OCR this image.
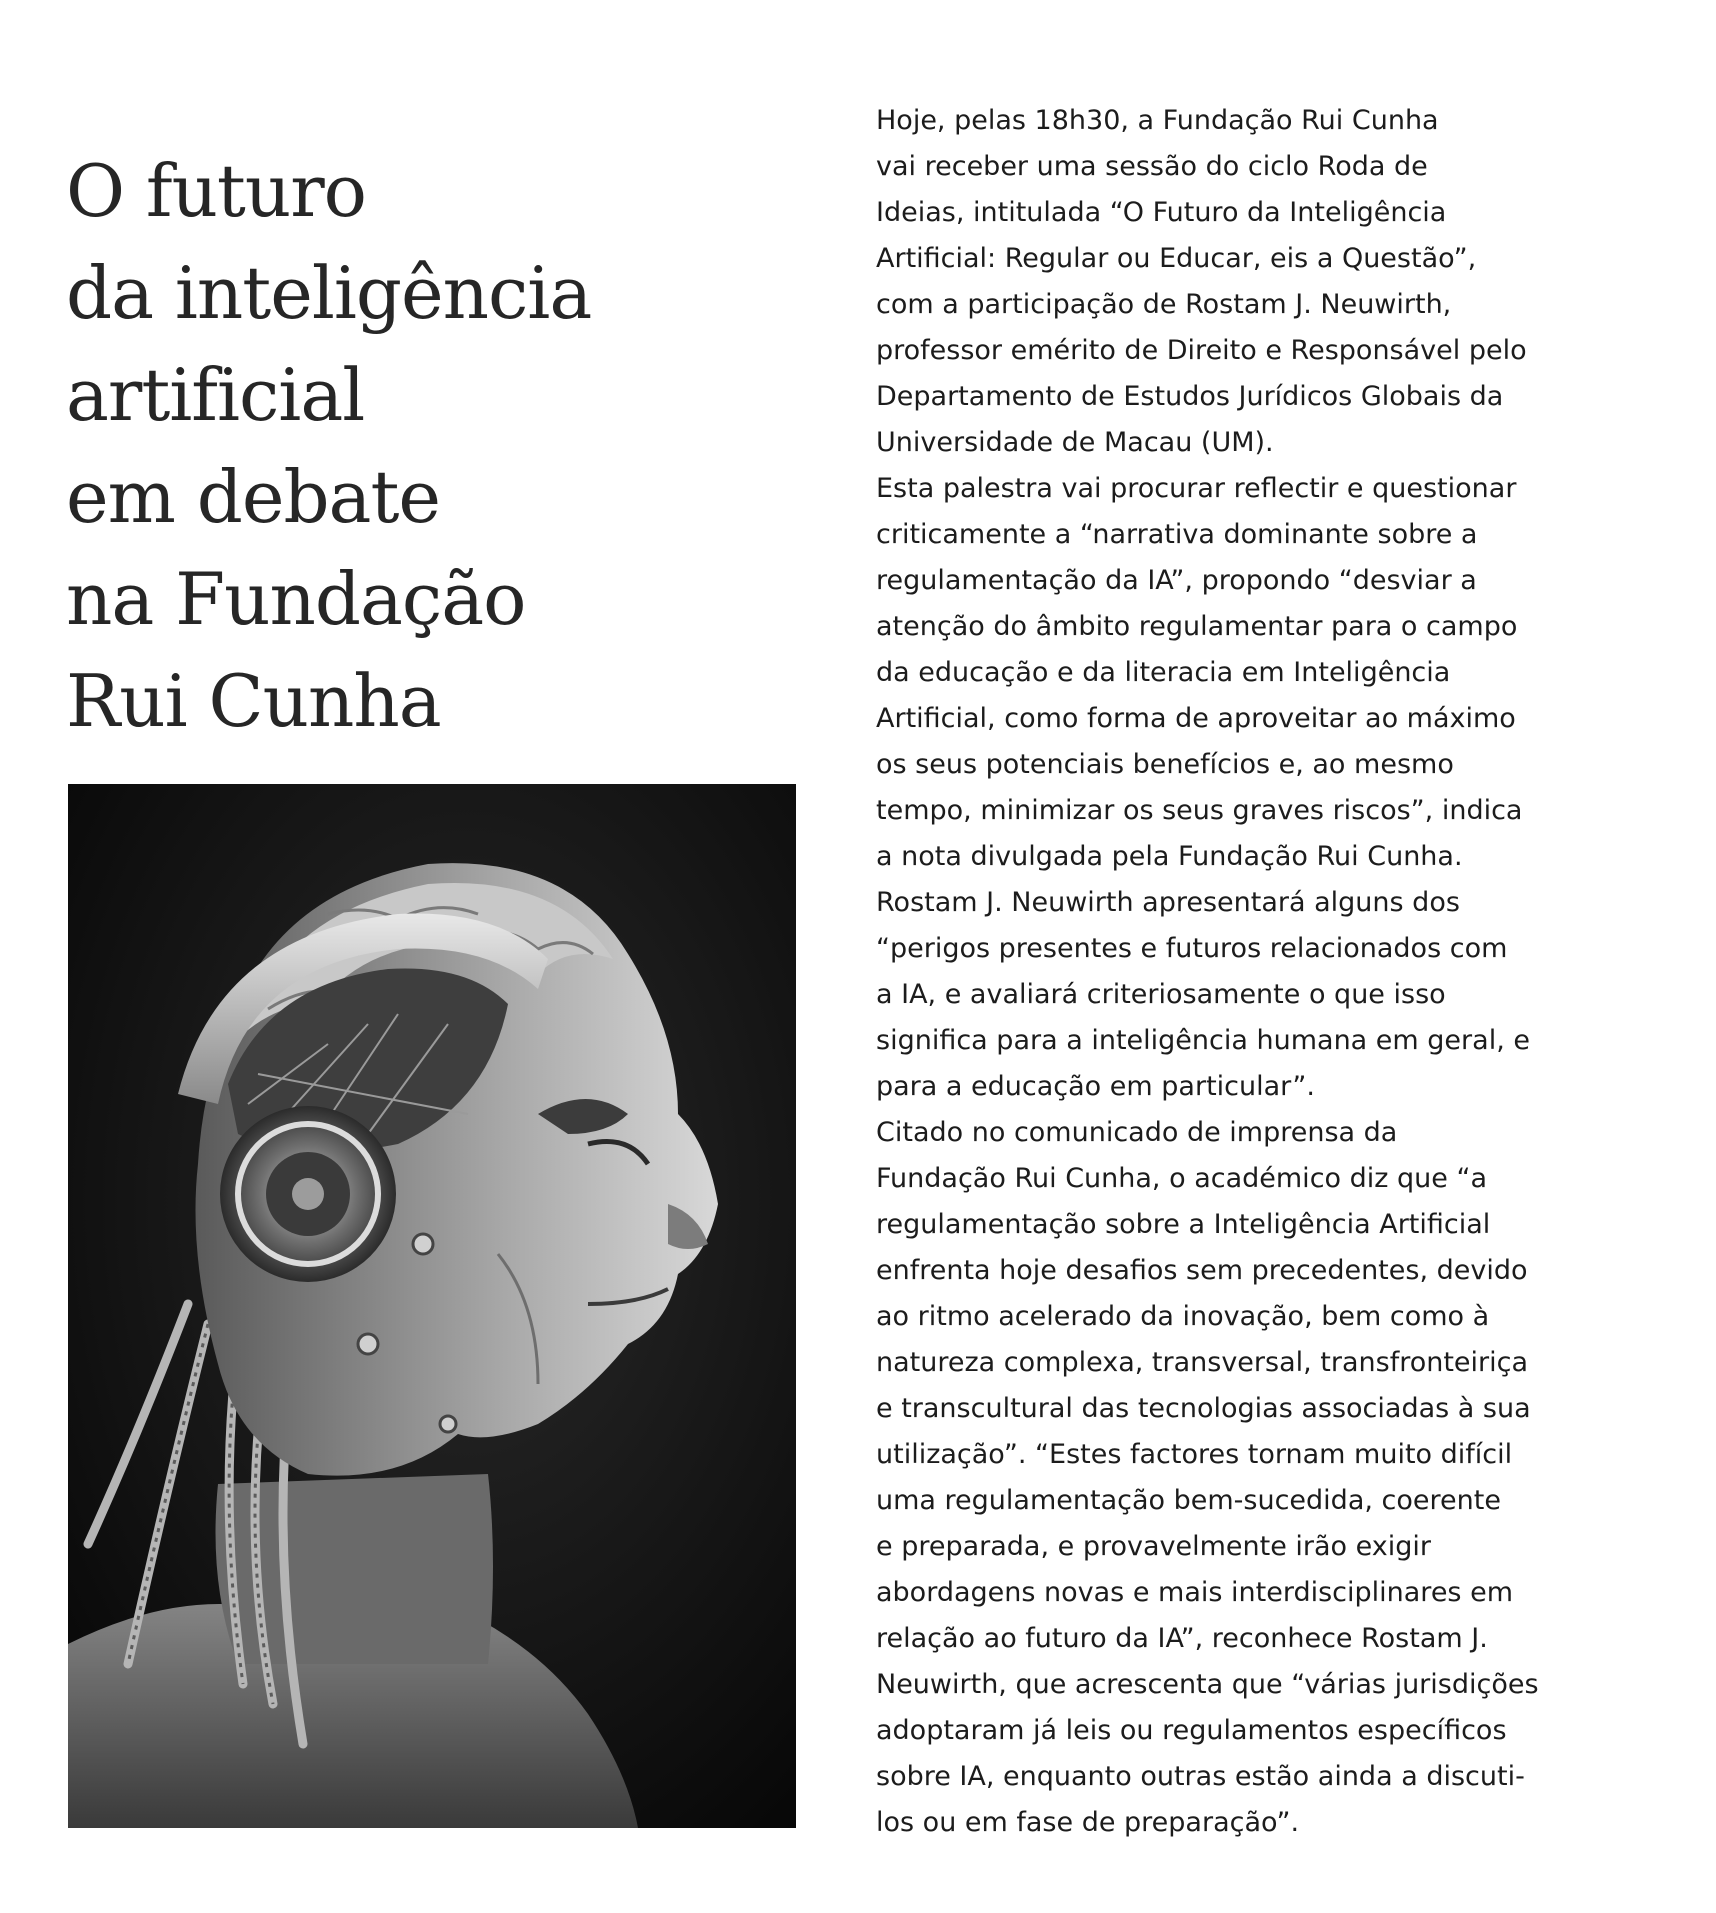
O futuro
da inteligência
artificial
em debate
na Fundação
Rui Cunha

Hoje, pelas 18h30, a Fundação Rui Cunha

vai receber uma sessão do ciclo Roda de

Ideias, intitulada “O Futuro da Inteligência

Artificial: Regular ou Educar, eis a Questão”,

com a participação de Rostam J. Neuwirth,

professor emérito de Direito e Responsável pelo

Departamento de Estudos Jurídicos Globais da

Universidade de Macau (UM).

Esta palestra vai procurar reflectir e questionar

criticamente a “narrativa dominante sobre a

regulamentação da IA”, propondo “desviar a

atenção do âmbito regulamentar para o campo

da educação e da literacia em Inteligência

Artificial, como forma de aproveitar ao máximo

os seus potenciais benefícios e, ao mesmo

tempo, minimizar os seus graves riscos”, indica

a nota divulgada pela Fundação Rui Cunha.

Rostam J. Neuwirth apresentará alguns dos

“perigos presentes e futuros relacionados com

a IA, e avaliará criteriosamente o que isso

significa para a inteligência humana em geral, e

para a educação em particular”.

Citado no comunicado de imprensa da

Fundação Rui Cunha, o académico diz que “a

regulamentação sobre a Inteligência Artificial

enfrenta hoje desafios sem precedentes, devido

ao ritmo acelerado da inovação, bem como à

natureza complexa, transversal, transfronteiriça

e transcultural das tecnologias associadas à sua

utilização”. “Estes factores tornam muito difícil

uma regulamentação bem-sucedida, coerente

e preparada, e provavelmente irão exigir

abordagens novas e mais interdisciplinares em

relação ao futuro da IA”, reconhece Rostam J.

Neuwirth, que acrescenta que “várias jurisdições

adoptaram já leis ou regulamentos específicos

sobre IA, enquanto outras estão ainda a discuti-

los ou em fase de preparação”.
